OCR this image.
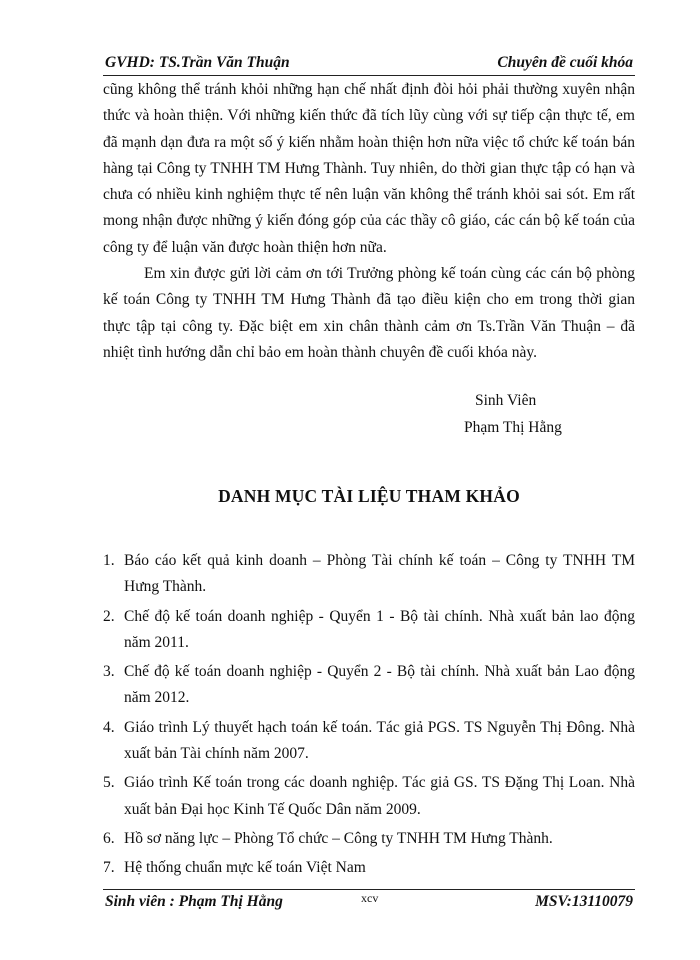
GVHD: TS.Trần Văn Thuận	Chuyên đề cuối khóa

cũng không thể tránh khỏi những hạn chế nhất định đòi hỏi phải thường xuyên nhận thức và hoàn thiện. Với những kiến thức đã tích lũy cùng với sự tiếp cận thực tế, em đã mạnh dạn đưa ra một số ý kiến nhằm hoàn thiện hơn nữa việc tổ chức kế toán bán hàng tại Công ty TNHH TM Hưng Thành. Tuy nhiên, do thời gian thực tập có hạn và chưa có nhiều kinh nghiệm thực tế nên luận văn không thể tránh khỏi sai sót. Em rất mong nhận được những ý kiến đóng góp của các thầy cô giáo, các cán bộ kế toán của công ty để luận văn được hoàn thiện hơn nữa.

Em xin được gửi lời cảm ơn tới Trưởng phòng kế toán cùng các cán bộ phòng kế toán Công ty TNHH TM Hưng Thành đã tạo điều kiện cho em trong thời gian thực tập tại công ty. Đặc biệt em xin chân thành cảm ơn Ts.Trần Văn Thuận – đã nhiệt tình hướng dẫn chỉ bảo em hoàn thành chuyên đề cuối khóa này.

Sinh Viên
Phạm Thị Hằng
DANH MỤC TÀI LIỆU THAM KHẢO
1. Báo cáo kết quả kinh doanh – Phòng Tài chính kế toán – Công ty TNHH TM Hưng Thành.
2. Chế độ kế toán doanh nghiệp - Quyển 1 - Bộ tài chính. Nhà xuất bản lao động năm 2011.
3. Chế độ kế toán doanh nghiệp - Quyển 2 - Bộ tài chính. Nhà xuất bản Lao động năm 2012.
4. Giáo trình Lý thuyết hạch toán kế toán. Tác giả PGS. TS Nguyễn Thị Đông. Nhà xuất bản Tài chính năm 2007.
5. Giáo trình Kế toán trong các doanh nghiệp. Tác giả GS. TS Đặng Thị Loan. Nhà xuất bản Đại học Kinh Tế Quốc Dân năm 2009.
6. Hồ sơ năng lực – Phòng Tổ chức – Công ty TNHH TM Hưng Thành.
7. Hệ thống chuẩn mực kế toán Việt Nam
Sinh viên : Phạm Thị Hằng	xcv	MSV:13110079
